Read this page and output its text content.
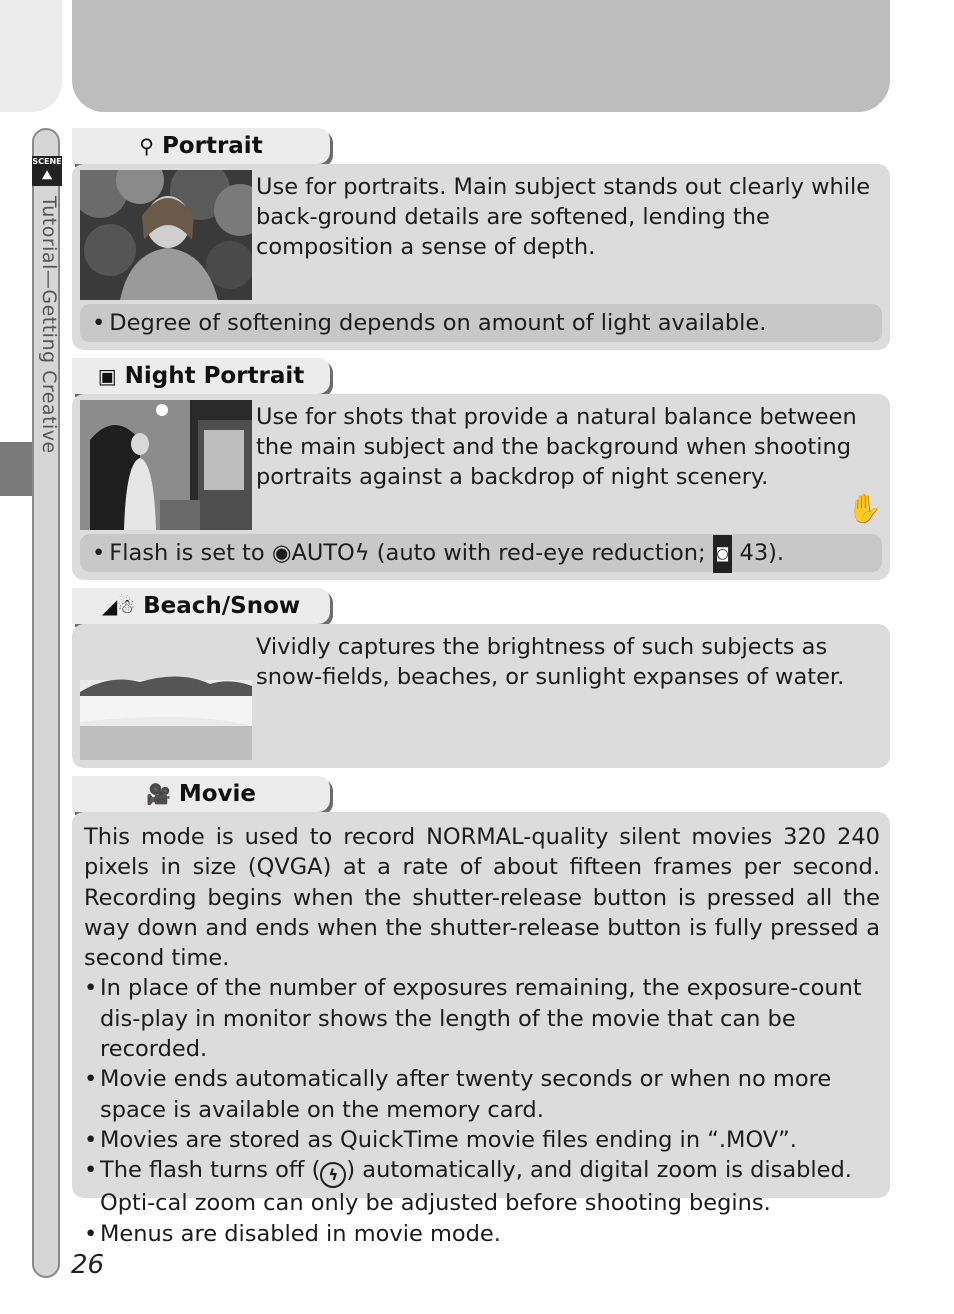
SCENE
⛰
Tutorial—Getting Creative
⚲ Portrait
Use for portraits. Main subject stands out clearly while back-ground details are softened, lending the composition a sense of depth.
• Degree of softening depends on amount of light available.
▣ Night Portrait
Use for shots that provide a natural balance between the main subject and the background when shooting portraits against a backdrop of night scenery.
✋
• Flash is set to ◉AUTOϟ (auto with red-eye reduction; ◙ 43).
◢☃ Beach/Snow
Vividly captures the brightness of such subjects as snow-fields, beaches, or sunlight expanses of water.
🎥 Movie

This mode is used to record NORMAL-quality silent movies 320 240 pixels in size (QVGA) at a rate of about fifteen frames per second. Recording begins when the shutter-release button is pressed all the way down and ends when the shutter-release button is fully pressed a second time.

• In place of the number of exposures remaining, the exposure-count dis-play in monitor shows the length of the movie that can be recorded.
• Movie ends automatically after twenty seconds or when no more space is available on the memory card.
• Movies are stored as QuickTime movie files ending in “.MOV”.
• The flash turns off ( ϟ ) automatically, and digital zoom is disabled. Opti-cal zoom can only be adjusted before shooting begins.
• Menus are disabled in movie mode.
26
